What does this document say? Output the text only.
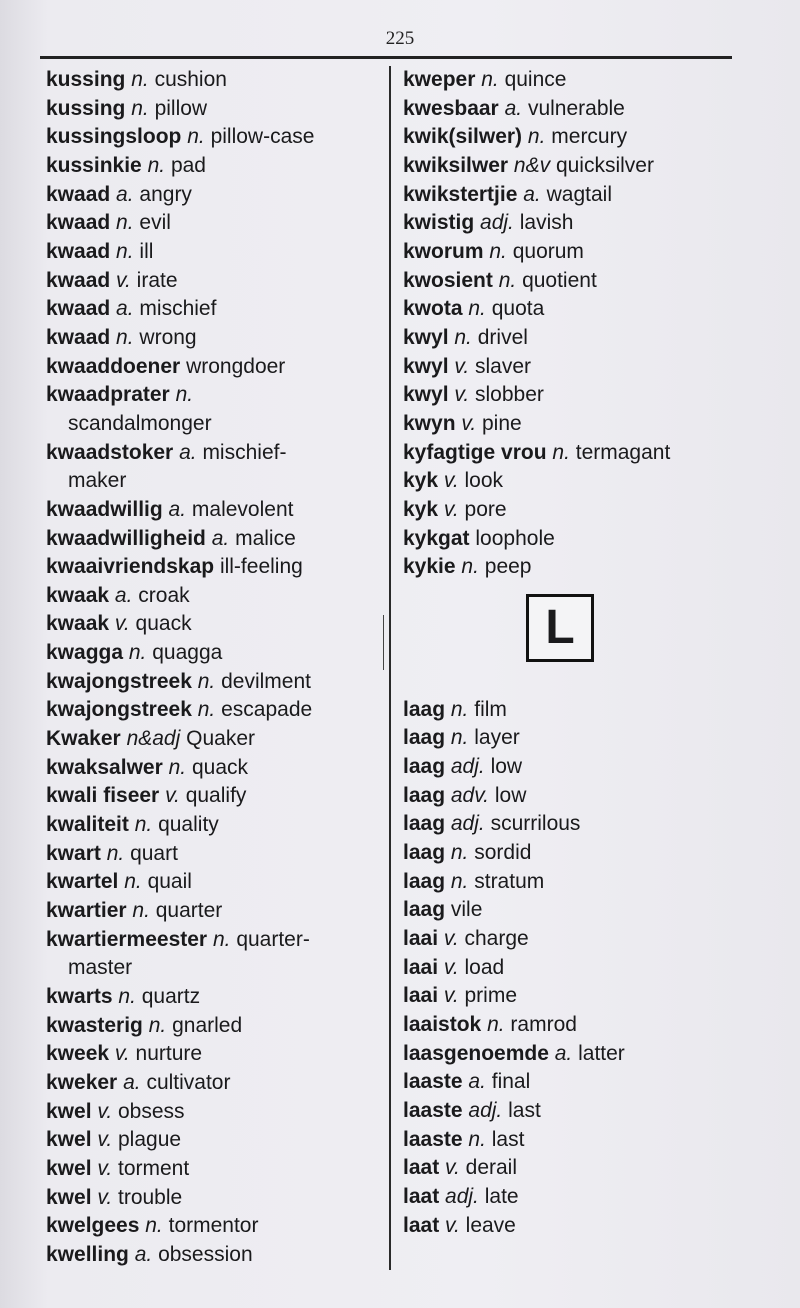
225
kussing n. cushion
kussing n. pillow
kussingsloop n. pillow-case
kussinkie n. pad
kwaad a. angry
kwaad n. evil
kwaad n. ill
kwaad v. irate
kwaad a. mischief
kwaad n. wrong
kwaaddoener wrongdoer
kwaadprater n.
scandalmonger
kwaadstoker a. mischief-
maker
kwaadwillig a. malevolent
kwaadwilligheid a. malice
kwaaivriendskap ill-feeling
kwaak a. croak
kwaak v. quack
kwagga n. quagga
kwajongstreek n. devilment
kwajongstreek n. escapade
Kwaker n&adj Quaker
kwaksalwer n. quack
kwali fiseer v. qualify
kwaliteit n. quality
kwart n. quart
kwartel n. quail
kwartier n. quarter
kwartiermeester n. quarter-
master
kwarts n. quartz
kwasterig n. gnarled
kweek v. nurture
kweker a. cultivator
kwel v. obsess
kwel v. plague
kwel v. torment
kwel v. trouble
kwelgees n. tormentor
kwelling a. obsession
kweper n. quince
kwesbaar a. vulnerable
kwik(silwer) n. mercury
kwiksilwer n&v quicksilver
kwikstertjie a. wagtail
kwistig adj. lavish
kworum n. quorum
kwosient n. quotient
kwota n. quota
kwyl n. drivel
kwyl v. slaver
kwyl v. slobber
kwyn v. pine
kyfagtige vrou n. termagant
kyk v. look
kyk v. pore
kykgat loophole
kykie n. peep
L
laag n. film
laag n. layer
laag adj. low
laag adv. low
laag adj. scurrilous
laag n. sordid
laag n. stratum
laag vile
laai v. charge
laai v. load
laai v. prime
laaistok n. ramrod
laasgenoemde a. latter
laaste a. final
laaste adj. last
laaste n. last
laat v. derail
laat adj. late
laat v. leave
